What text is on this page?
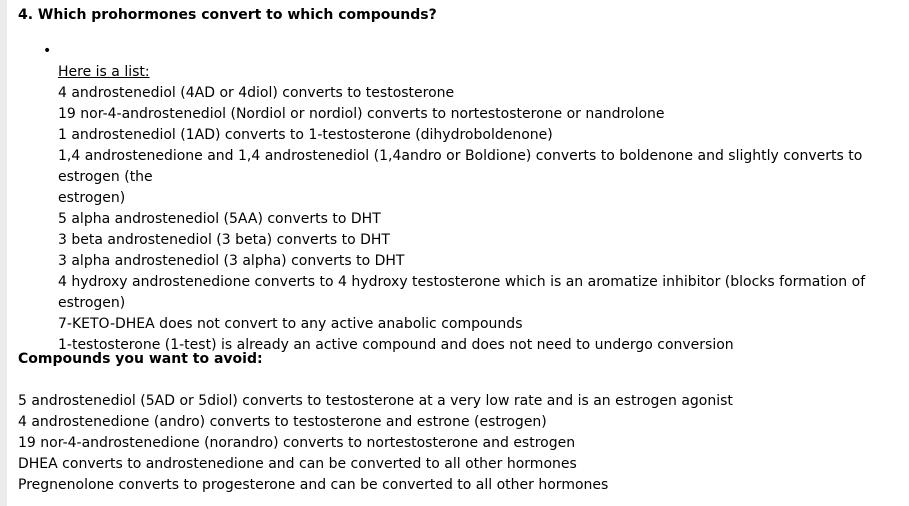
4. Which prohormones convert to which compounds?
•
Here is a list:
4 androstenediol (4AD or 4diol) converts to testosterone
19 nor-4-androstenediol (Nordiol or nordiol) converts to nortestosterone or nandrolone
1 androstenediol (1AD) converts to 1-testosterone (dihydroboldenone)
1,4 androstenedione and 1,4 androstenediol (1,4andro or Boldione) converts to boldenone and slightly converts to estrogen (the
estrogen)
5 alpha androstenediol (5AA) converts to DHT
3 beta androstenediol (3 beta) converts to DHT
3 alpha androstenediol (3 alpha) converts to DHT
4 hydroxy androstenedione converts to 4 hydroxy testosterone which is an aromatize inhibitor (blocks formation of estrogen)
7-KETO-DHEA does not convert to any active anabolic compounds
1-testosterone (1-test) is already an active compound and does not need to undergo conversion
Compounds you want to avoid:
5 androstenediol (5AD or 5diol) converts to testosterone at a very low rate and is an estrogen agonist
4 androstenedione (andro) converts to testosterone and estrone (estrogen)
19 nor-4-androstenedione (norandro) converts to nortestosterone and estrogen
DHEA converts to androstenedione and can be converted to all other hormones
Pregnenolone converts to progesterone and can be converted to all other hormones
